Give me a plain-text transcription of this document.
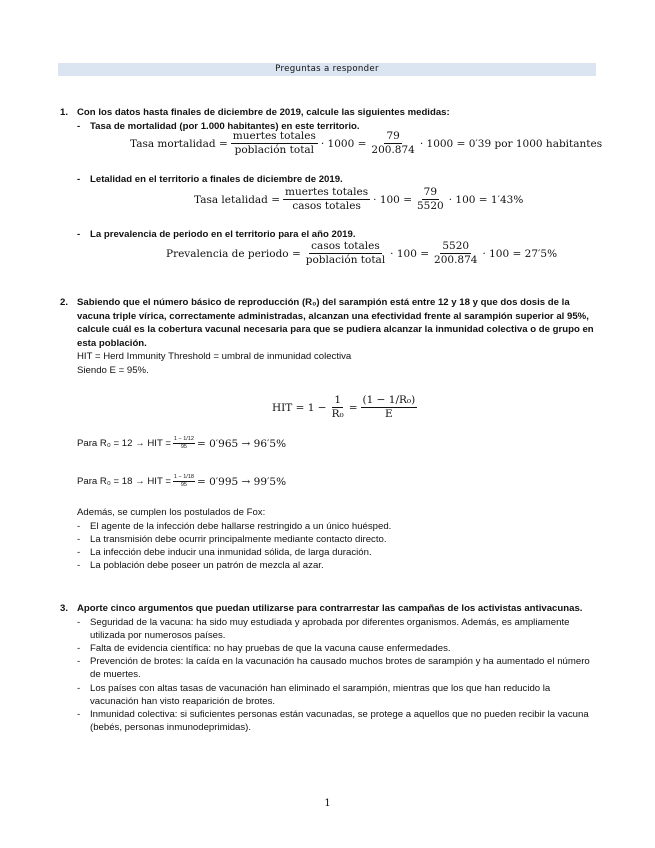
Preguntas a responder
1. Con los datos hasta finales de diciembre de 2019, calcule las siguientes medidas:
- Tasa de mortalidad (por 1.000 habitantes) en este territorio.
Tasa mortalidad = $\frac{\text{muertes totales}}{\text{población total}} \cdot 1000 = \frac{79}{200.874} \cdot 1000 = 0'39$ por 1000 habitantes
- Letalidad en el territorio a finales de diciembre de 2019.
Tasa letalidad = $\frac{\text{muertes totales}}{\text{casos totales}} \cdot 100 = \frac{79}{5520} \cdot 100 = 1'43\%$
- La prevalencia de periodo en el territorio para el año 2019.
Prevalencia de periodo = $\frac{\text{casos totales}}{\text{población total}} \cdot 100 = \frac{5520}{200.874} \cdot 100 = 27'5\%$
2. Sabiendo que el número básico de reproducción (R₀) del sarampión está entre 12 y 18 y que dos dosis de la vacuna triple vírica, correctamente administradas, alcanzan una efectividad frente al sarampión superior al 95%, calcule cuál es la cobertura vacunal necesaria para que se pudiera alcanzar la inmunidad colectiva o de grupo en esta población.
HIT = Herd Immunity Threshold = umbral de inmunidad colectiva
Siendo E = 95%.
HIT = $1 - \frac{1}{\text{R₀}} = \frac{\text{(1 − 1/R₀)}}{E}$
Para R₀ = 12 → HIT = $\frac{1 - 1/12}{95} = 0'965 \to 96'5\%$
Para R₀ = 18 → HIT = $\frac{1 - 1/18}{95} = 0'995 \to 99'5\%$
Además, se cumplen los postulados de Fox:
- El agente de la infección debe hallarse restringido a un único huésped.
- La transmisión debe ocurrir principalmente mediante contacto directo.
- La infección debe inducir una inmunidad sólida, de larga duración.
- La población debe poseer un patrón de mezcla al azar.
3. Aporte cinco argumentos que puedan utilizarse para contrarrestar las campañas de los activistas antivacunas.
- Seguridad de la vacuna: ha sido muy estudiada y aprobada por diferentes organismos. Además, es ampliamente utilizada por numerosos países.
- Falta de evidencia científica: no hay pruebas de que la vacuna cause enfermedades.
- Prevención de brotes: la caída en la vacunación ha causado muchos brotes de sarampión y ha aumentado el número de muertes.
- Los países con altas tasas de vacunación han eliminado el sarampión, mientras que los que han reducido la vacunación han visto reaparición de brotes.
- Inmunidad colectiva: si suficientes personas están vacunadas, se protege a aquellos que no pueden recibir la vacuna (bebés, personas inmunodeprimidas).
1
